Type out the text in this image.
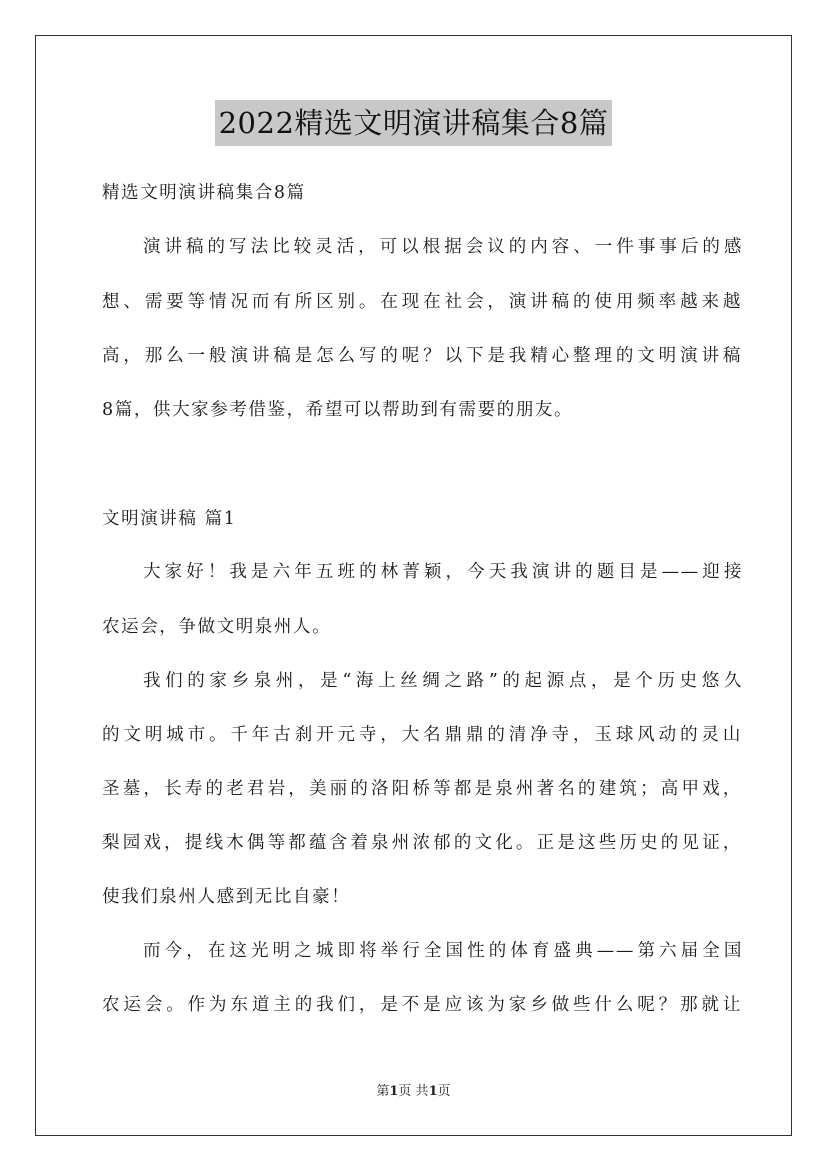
2022精选文明演讲稿集合8篇
精选文明演讲稿集合8篇
演讲稿的写法比较灵活，可以根据会议的内容、一件事事后的感
想、需要等情况而有所区别。在现在社会，演讲稿的使用频率越来越
高，那么一般演讲稿是怎么写的呢？以下是我精心整理的文明演讲稿
8篇，供大家参考借鉴，希望可以帮助到有需要的朋友。
文明演讲稿 篇1
大家好！我是六年五班的林菁颖，今天我演讲的题目是——迎接
农运会，争做文明泉州人。
我们的家乡泉州，是“海上丝绸之路”的起源点，是个历史悠久
的文明城市。千年古刹开元寺，大名鼎鼎的清净寺，玉球风动的灵山
圣墓，长寿的老君岩，美丽的洛阳桥等都是泉州著名的建筑；高甲戏，
梨园戏，提线木偶等都蕴含着泉州浓郁的文化。正是这些历史的见证，
使我们泉州人感到无比自豪！
而今，在这光明之城即将举行全国性的体育盛典——第六届全国
农运会。作为东道主的我们，是不是应该为家乡做些什么呢？那就让
第1页 共1页
